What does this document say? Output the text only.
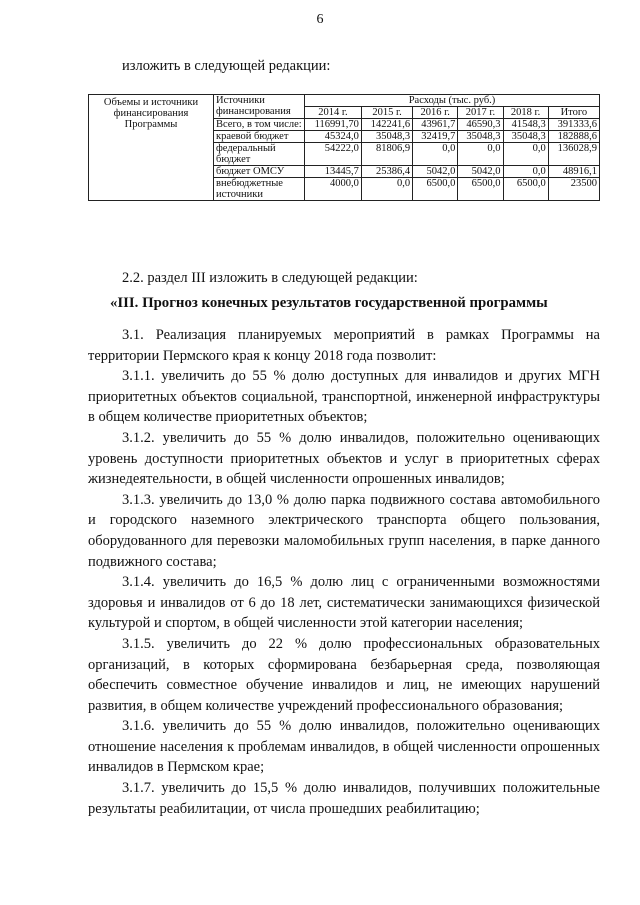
6
изложить в следующей редакции:
Объемы и источники финансирования Программы	Источники финансирования	Расходы (тыс. руб.)					
		2014 г.	2015 г.	2016 г.	2017 г.	2018 г.	Итого
	Всего, в том числе:	116991,70	142241,6	43961,7	46590,3	41548,3	391333,6
	краевой бюджет	45324,0	35048,3	32419,7	35048,3	35048,3	182888,6
	федеральный бюджет	54222,0	81806,9	0,0	0,0	0,0	136028,9
	бюджет ОМСУ	13445,7	25386,4	5042,0	5042,0	0,0	48916,1
	внебюджетные источники	4000,0	0,0	6500,0	6500,0	6500,0	23500
2.2. раздел III изложить в следующей редакции:
«III. Прогноз конечных результатов государственной программы

3.1. Реализация планируемых мероприятий в рамках Программы на территории Пермского края к концу 2018 года позволит:

3.1.1. увеличить до 55 % долю доступных для инвалидов и других МГН приоритетных объектов социальной, транспортной, инженерной инфраструктуры в общем количестве приоритетных объектов;

3.1.2. увеличить до 55 % долю инвалидов, положительно оценивающих уровень доступности приоритетных объектов и услуг в приоритетных сферах жизнедеятельности, в общей численности опрошенных инвалидов;

3.1.3. увеличить до 13,0 % долю парка подвижного состава автомобильного и городского наземного электрического транспорта общего пользования, оборудованного для перевозки маломобильных групп населения, в парке данного подвижного состава;

3.1.4. увеличить до 16,5 % долю лиц с ограниченными возможностями здоровья и инвалидов от 6 до 18 лет, систематически занимающихся физической культурой и спортом, в общей численности этой категории населения;

3.1.5. увеличить до 22 % долю профессиональных образовательных организаций, в которых сформирована безбарьерная среда, позволяющая обеспечить совместное обучение инвалидов и лиц, не имеющих нарушений развития, в общем количестве учреждений профессионального образования;

3.1.6. увеличить до 55 % долю инвалидов, положительно оценивающих отношение населения к проблемам инвалидов, в общей численности опрошенных инвалидов в Пермском крае;

3.1.7. увеличить до 15,5 % долю инвалидов, получивших положительные результаты реабилитации, от числа прошедших реабилитацию;
